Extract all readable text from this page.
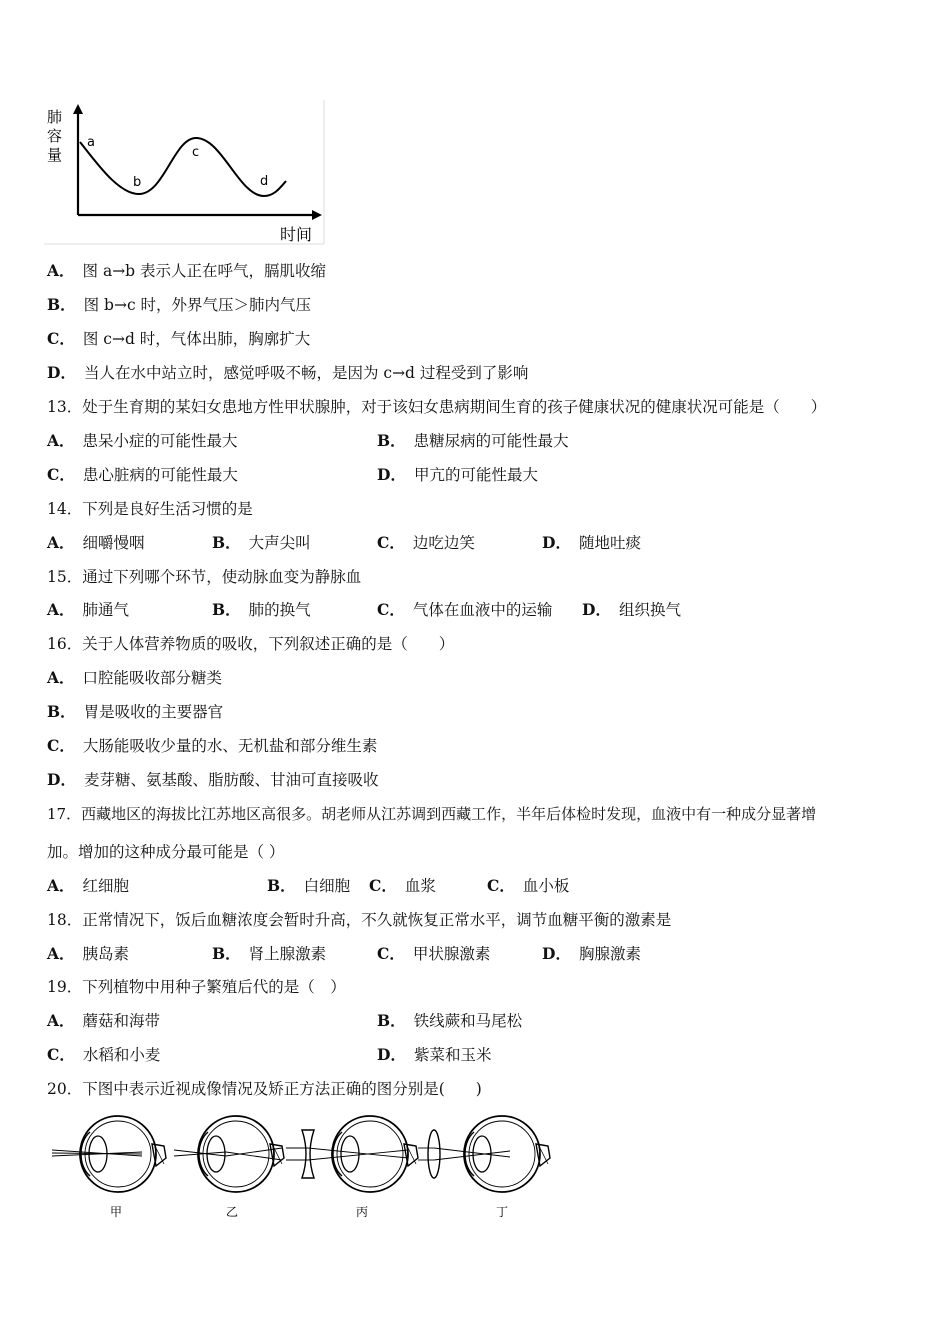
肺
容
量
a
b
c
d
时间
A． 图 a→b 表示人正在呼气，膈肌收缩
B． 图 b→c 时，外界气压＞肺内气压
C． 图 c→d 时，气体出肺，胸廓扩大
D． 当人在水中站立时，感觉呼吸不畅，是因为 c→d 过程受到了影响
13．处于生育期的某妇女患地方性甲状腺肿，对于该妇女患病期间生育的孩子健康状况的健康状况可能是（　　）
A． 患呆小症的可能性最大	B． 患糖尿病的可能性最大
C． 患心脏病的可能性最大	D． 甲亢的可能性最大
14．下列是良好生活习惯的是
A． 细嚼慢咽	B． 大声尖叫	C． 边吃边笑	D． 随地吐痰
15．通过下列哪个环节，使动脉血变为静脉血
A． 肺通气	B． 肺的换气	C． 气体在血液中的运输 D． 组织换气
16．关于人体营养物质的吸收，下列叙述正确的是（　　）
A． 口腔能吸收部分糖类
B． 胃是吸收的主要器官
C． 大肠能吸收少量的水、无机盐和部分维生素
D． 麦芽糖、氨基酸、脂肪酸、甘油可直接吸收
17．西藏地区的海拔比江苏地区高很多。胡老师从江苏调到西藏工作，半年后体检时发现，血液中有一种成分显著增
加。增加的这种成分最可能是（ ）
A． 红细胞	B． 白细胞 C． 血浆	C． 血小板
18．正常情况下，饭后血糖浓度会暂时升高，不久就恢复正常水平，调节血糖平衡的激素是
A． 胰岛素	B． 肾上腺激素	C． 甲状腺激素	D． 胸腺激素
19．下列植物中用种子繁殖后代的是（　）
A． 蘑菇和海带	B． 铁线蕨和马尾松
C． 水稻和小麦	D． 紫菜和玉米
20．下图中表示近视成像情况及矫正方法正确的图分别是(　　)
甲	乙	丙	丁
